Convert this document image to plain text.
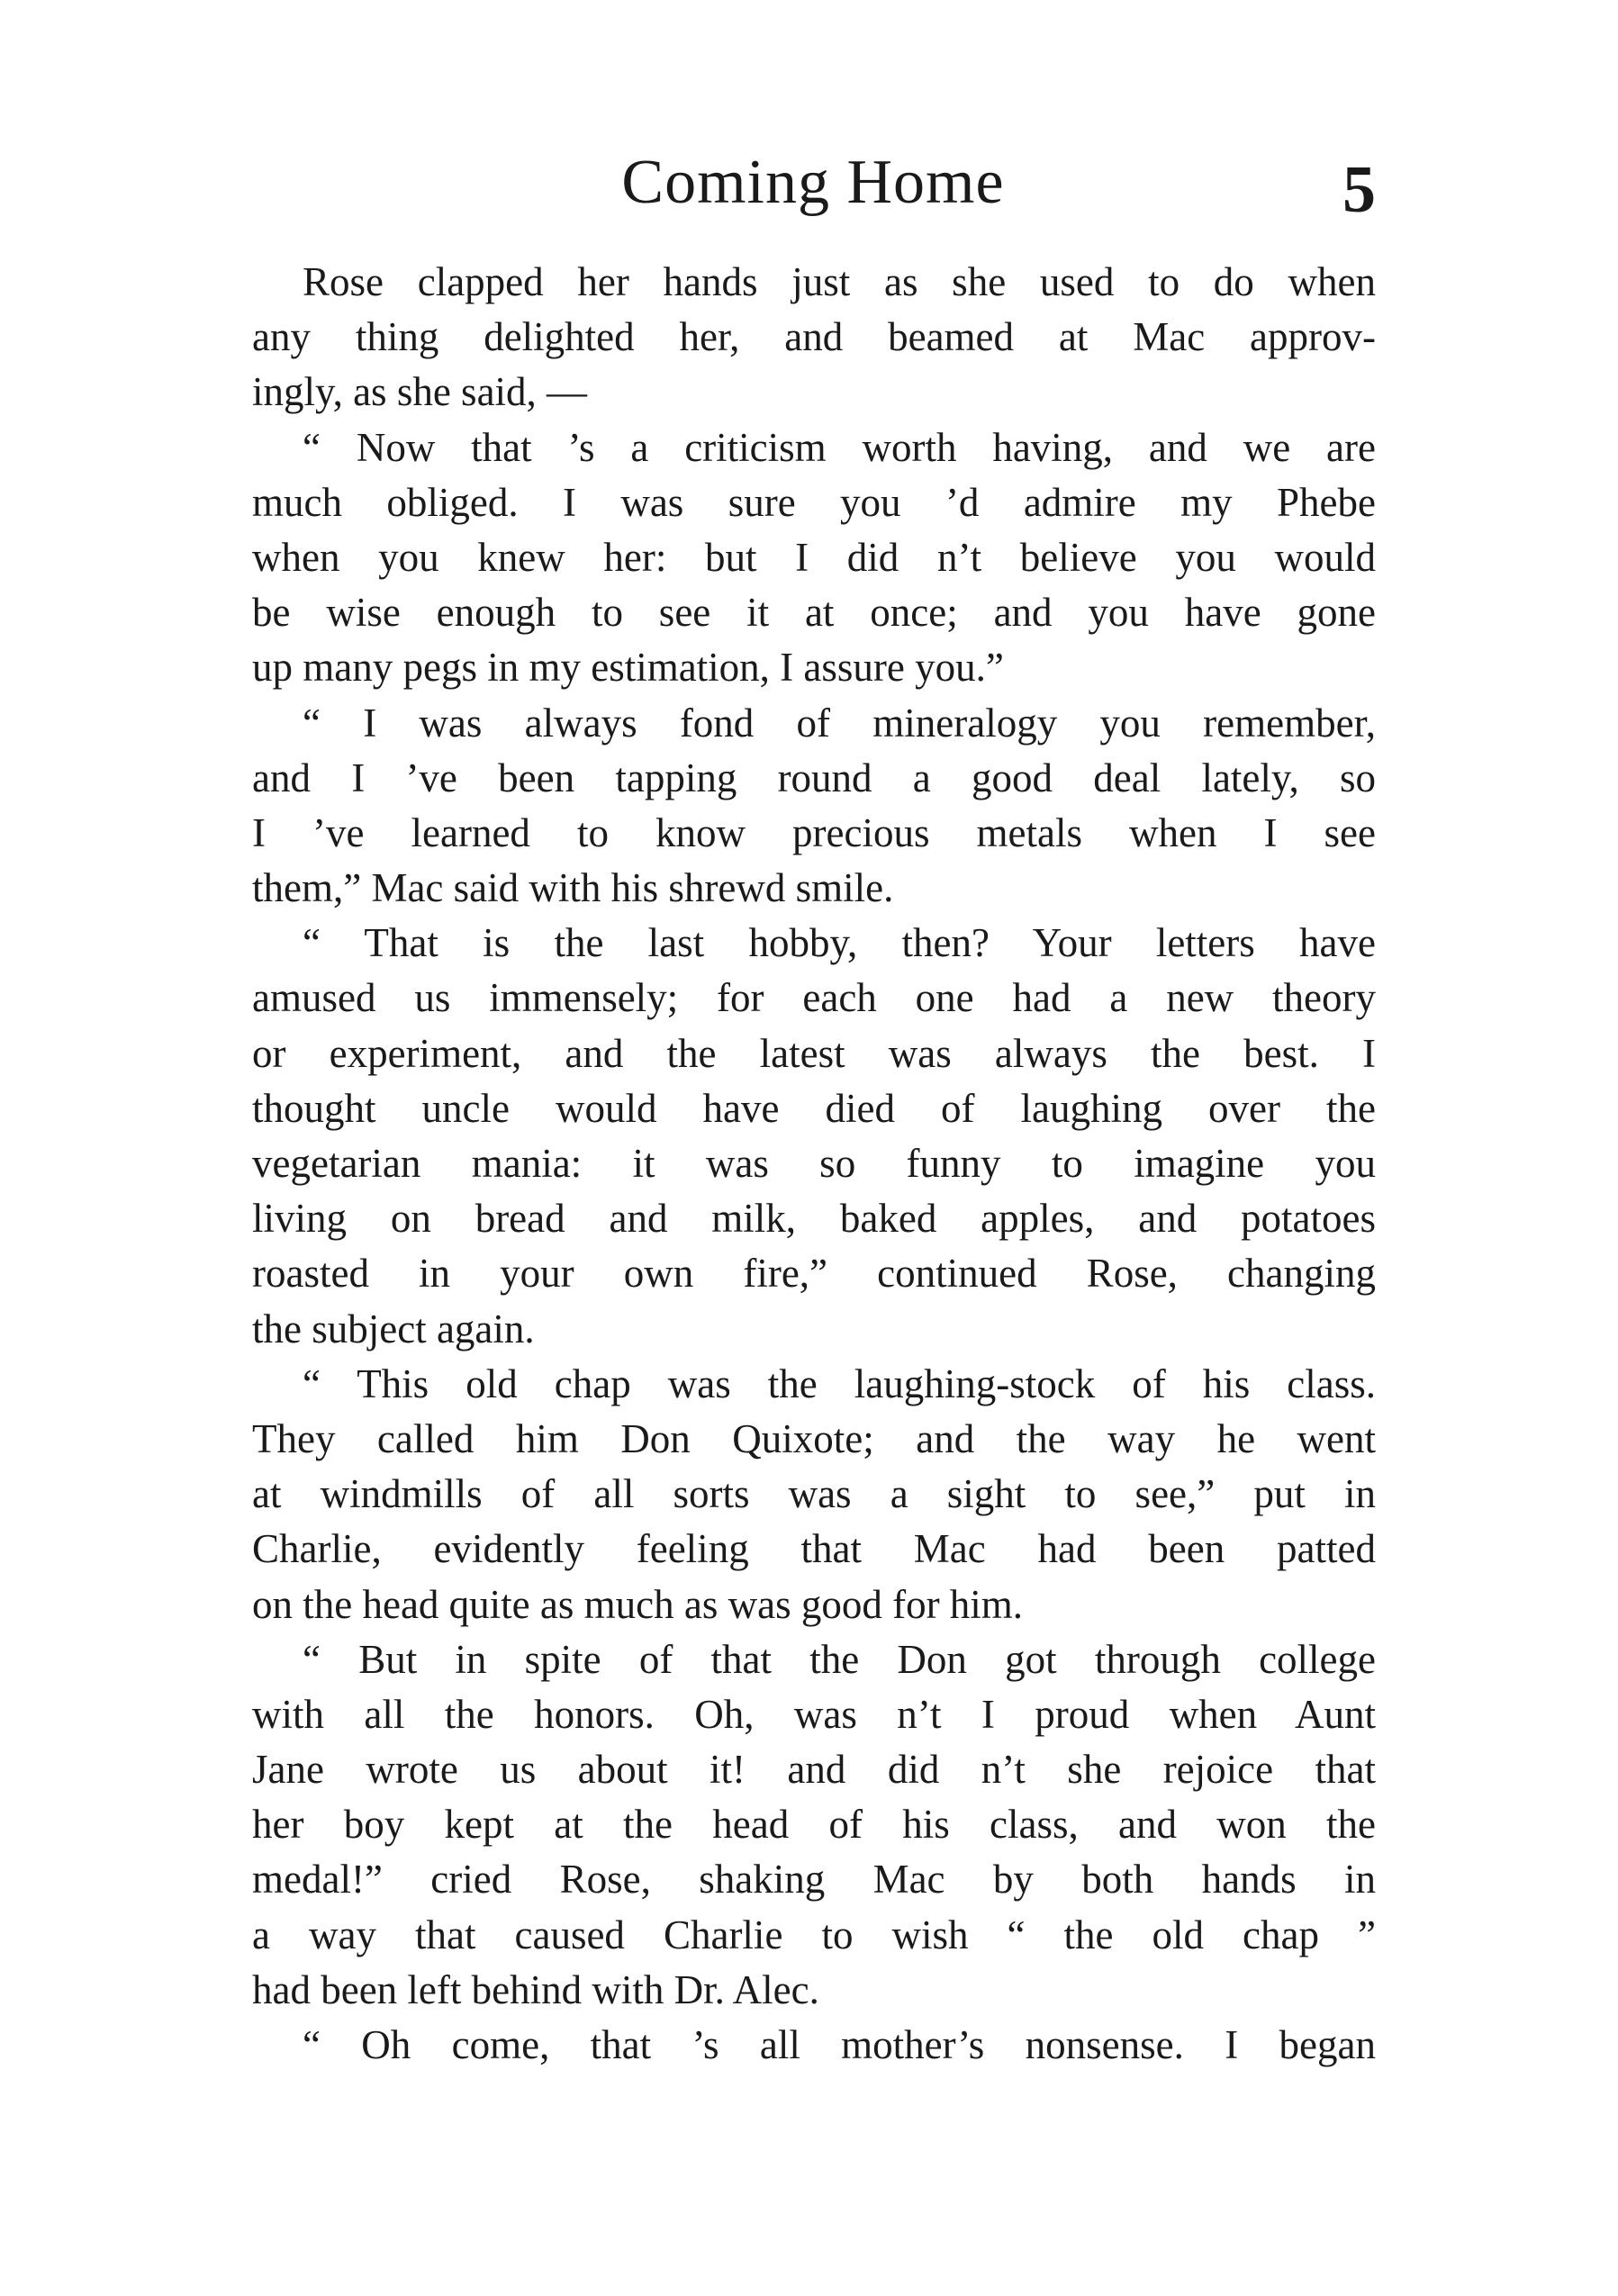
Coming Home	5
Rose clapped her hands just as she used to do when
any thing delighted her, and beamed at Mac approv-
ingly, as she said, —
“ Now that ’s a criticism worth having, and we are
much obliged. I was sure you ’d admire my Phebe
when you knew her: but I did n’t believe you would
be wise enough to see it at once; and you have gone
up many pegs in my estimation, I assure you.”
“ I was always fond of mineralogy you remember,
and I ’ve been tapping round a good deal lately, so
I ’ve learned to know precious metals when I see
them,” Mac said with his shrewd smile.
“ That is the last hobby, then? Your letters have
amused us immensely; for each one had a new theory
or experiment, and the latest was always the best. I
thought uncle would have died of laughing over the
vegetarian mania: it was so funny to imagine you
living on bread and milk, baked apples, and potatoes
roasted in your own fire,” continued Rose, changing
the subject again.
“ This old chap was the laughing-stock of his class.
They called him Don Quixote; and the way he went
at windmills of all sorts was a sight to see,” put in
Charlie, evidently feeling that Mac had been patted
on the head quite as much as was good for him.
“ But in spite of that the Don got through college
with all the honors. Oh, was n’t I proud when Aunt
Jane wrote us about it! and did n’t she rejoice that
her boy kept at the head of his class, and won the
medal!” cried Rose, shaking Mac by both hands in
a way that caused Charlie to wish “ the old chap ”
had been left behind with Dr. Alec.
“ Oh come, that ’s all mother’s nonsense. I began
